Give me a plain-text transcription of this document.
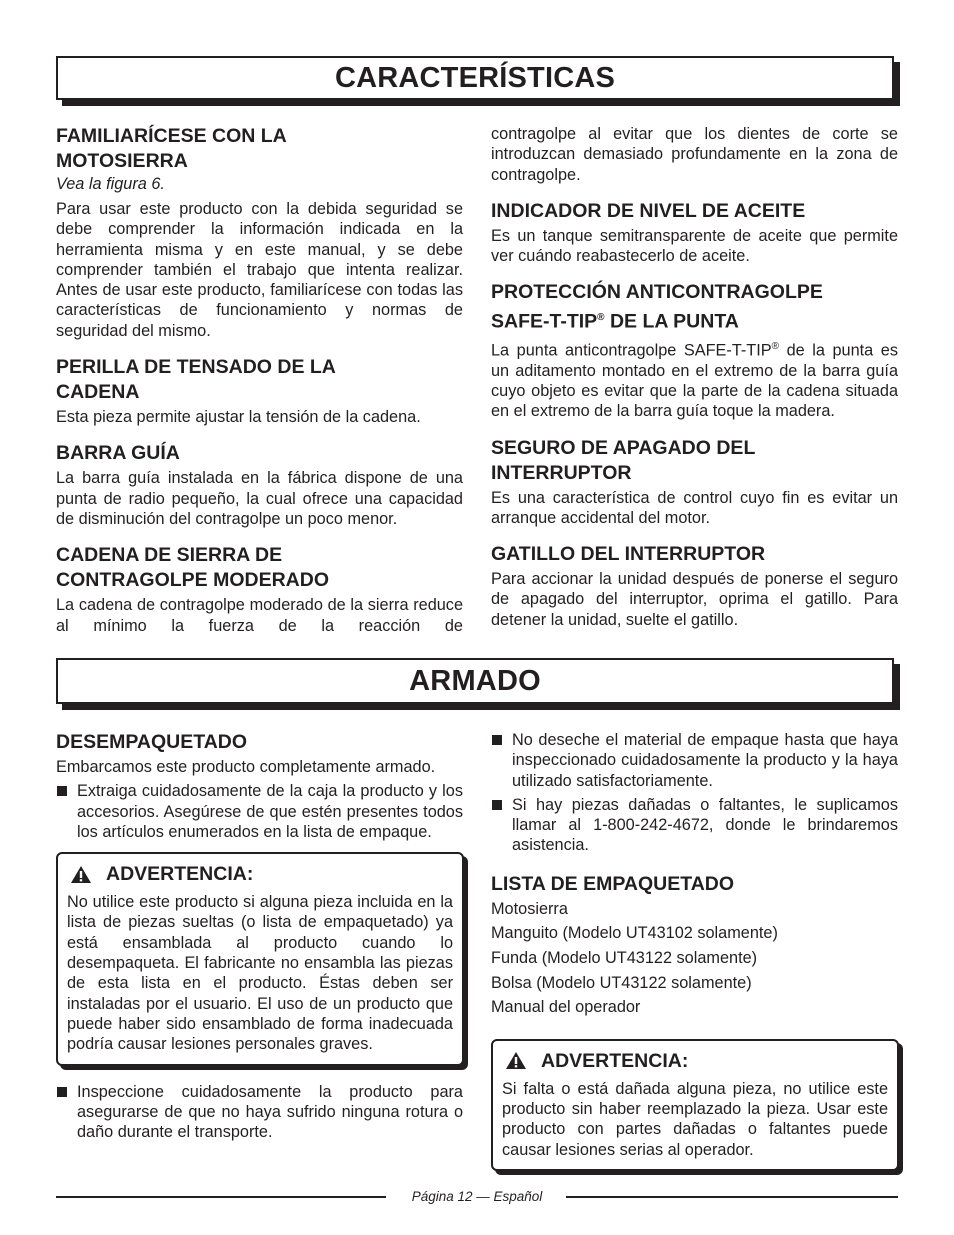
CARACTERÍSTICAS
FAMILIARÍCESE CON LA MOTOSIERRA

Vea la figura 6.

Para usar este producto con la debida seguridad se debe comprender la información indicada en la herramienta misma y en este manual, y se debe comprender también el trabajo que intenta realizar. Antes de usar este producto, familiarícese con todas las características de funcionamiento y normas de seguridad del mismo.

PERILLA DE TENSADO DE LA CADENA

Esta pieza permite ajustar la tensión de la cadena.

BARRA GUÍA

La barra guía instalada en la fábrica dispone de una punta de radio pequeño, la cual ofrece una capacidad de disminución del contragolpe un poco menor.

CADENA DE SIERRA DE CONTRAGOLPE MODERADO

La cadena de contragolpe moderado de la sierra reduce al mínimo la fuerza de la reacción de

contragolpe al evitar que los dientes de corte se introduzcan demasiado profundamente en la zona de contragolpe.

INDICADOR DE NIVEL DE ACEITE

Es un tanque semitransparente de aceite que permite ver cuándo reabastecerlo de aceite.

PROTECCIÓN ANTICONTRAGOLPE SAFE-T-TIP® DE LA PUNTA

La punta anticontragolpe SAFE-T-TIP® de la punta es un aditamento montado en el extremo de la barra guía cuyo objeto es evitar que la parte de la cadena situada en el extremo de la barra guía toque la madera.

SEGURO DE APAGADO DEL INTERRUPTOR

Es una característica de control cuyo fin es evitar un arranque accidental del motor.

GATILLO DEL INTERRUPTOR

Para accionar la unidad después de ponerse el seguro de apagado del interruptor, oprima el gatillo. Para detener la unidad, suelte el gatillo.

ARMADO
DESEMPAQUETADO

Embarcamos este producto completamente armado.

Extraiga cuidadosamente de la caja la producto y los accesorios. Asegúrese de que estén presentes todos los artículos enumerados en la lista de empaque.
ADVERTENCIA:

No utilice este producto si alguna pieza incluida en la lista de piezas sueltas (o lista de empaquetado) ya está ensamblada al producto cuando lo desempaqueta. El fabricante no ensambla las piezas de esta lista en el producto. Éstas deben ser instaladas por el usuario. El uso de un producto que puede haber sido ensamblado de forma inadecuada podría causar lesiones personales graves.

Inspeccione cuidadosamente la producto para asegurarse de que no haya sufrido ninguna rotura o daño durante el transporte.
No deseche el material de empaque hasta que haya inspeccionado cuidadosamente la producto y la haya utilizado satisfactoriamente.
Si hay piezas dañadas o faltantes, le suplicamos llamar al 1-800-242-4672, donde le brindaremos asistencia.
LISTA DE EMPAQUETADO

Motosierra

Manguito (Modelo UT43102 solamente)

Funda (Modelo UT43122 solamente)

Bolsa (Modelo UT43122 solamente)

Manual del operador

ADVERTENCIA:

Si falta o está dañada alguna pieza, no utilice este producto sin haber reemplazado la pieza. Usar este producto con partes dañadas o faltantes puede causar lesiones serias al operador.

Página 12 — Español
